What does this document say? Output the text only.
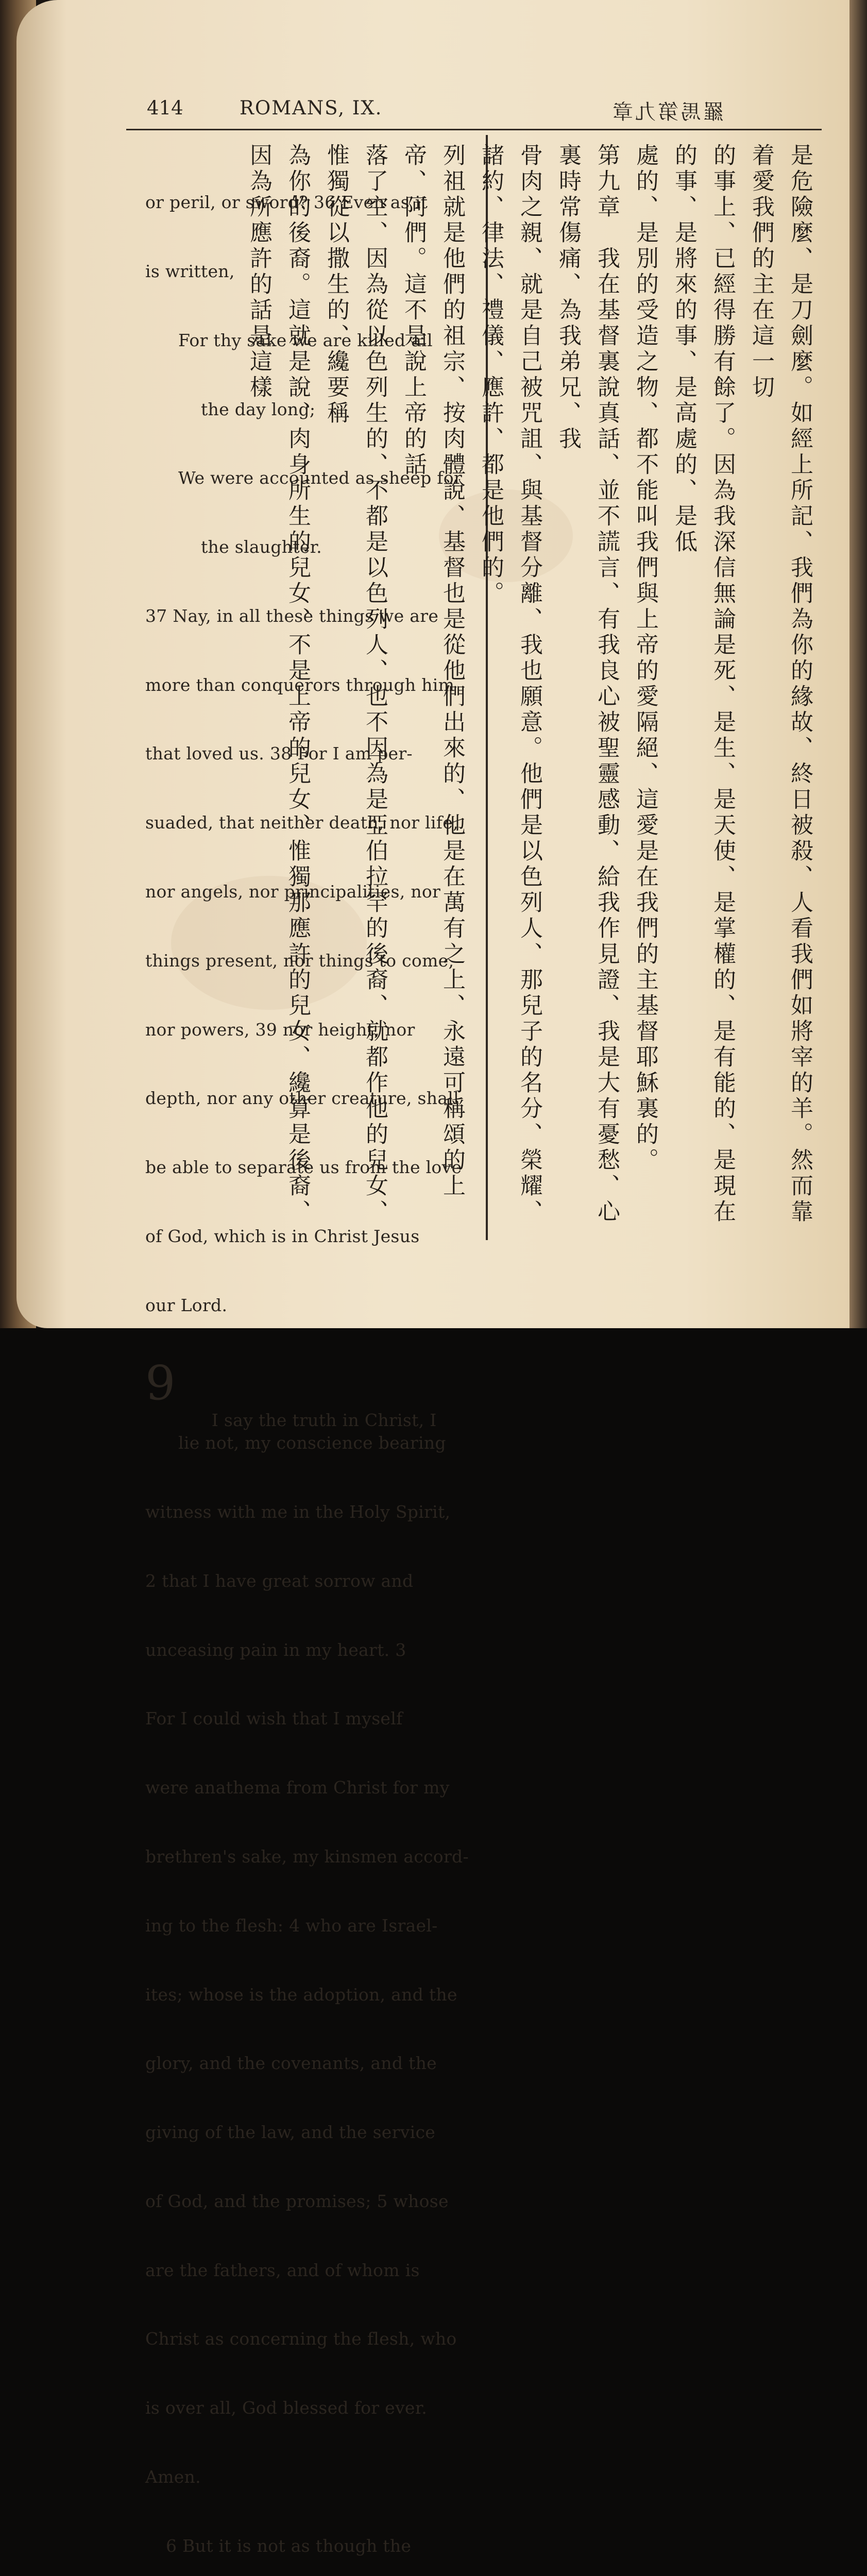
414	ROMANS, IX.	羅馬第九章

or peril, or sword? 36 Even as it

is written,

For thy sake we are killed all

the day long;

We were accounted as sheep for

the slaughter.

37 Nay, in all these things we are

more than conquerors through him

that loved us. 38 For I am per-

suaded, that neither death, nor life,

nor angels, nor principalities, nor

things present, nor things to come,

nor powers, 39 nor height, nor

depth, nor any other creature, shall

be able to separate us from the love

of God, which is in Christ Jesus

our Lord.

9

I say the truth in Christ, I

lie not, my conscience bearing

witness with me in the Holy Spirit,

2 that I have great sorrow and

unceasing pain in my heart. 3

For I could wish that I myself

were anathema from Christ for my

brethren's sake, my kinsmen accord-

ing to the flesh: 4 who are Israel-

ites; whose is the adoption, and the

glory, and the covenants, and the

giving of the law, and the service

of God, and the promises; 5 whose

are the fathers, and of whom is

Christ as concerning the flesh, who

is over all, God blessed for ever.

Amen.

6 But it is not as though the

是危險麼、是刀劍麼。如經上所記、我們為你的緣故、終日被殺、人看我們如將宰的羊。然而靠着愛我們的主在這一切
的事上、已經得勝有餘了。因為我深信無論是死、是生、是天使、是掌權的、是有能的、是現在的事、是將來的事、是高處的、是低
處的、是別的受造之物、都不能叫我們與上帝的愛隔絕、這愛是在我們的主基督耶穌裏的。
第九章　我在基督裏說真話、並不謊言、有我良心被聖靈感動、給我作見證、我是大有憂愁、心裏時常傷痛、為我弟兄、我
骨肉之親、就是自己被咒詛、與基督分離、我也願意。他們是以色列人、那兒子的名分、榮耀、諸約、律法、禮儀、應許、都是他們的。
列祖就是他們的祖宗、按肉體說、基督也是從他們出來的、他是在萬有之上、永遠可稱頌的上帝、阿們。這不是說上帝的話
落了空、因為從以色列生的、不都是以色列人、也不因為是亞伯拉罕的後裔、就都作他的兒女、惟獨從以撒生的、纔要稱
為你的後裔。這就是說、肉身所生的兒女、不是上帝的兒女、惟獨那應許的兒女、纔算是後裔、因為所應許的話是這樣
